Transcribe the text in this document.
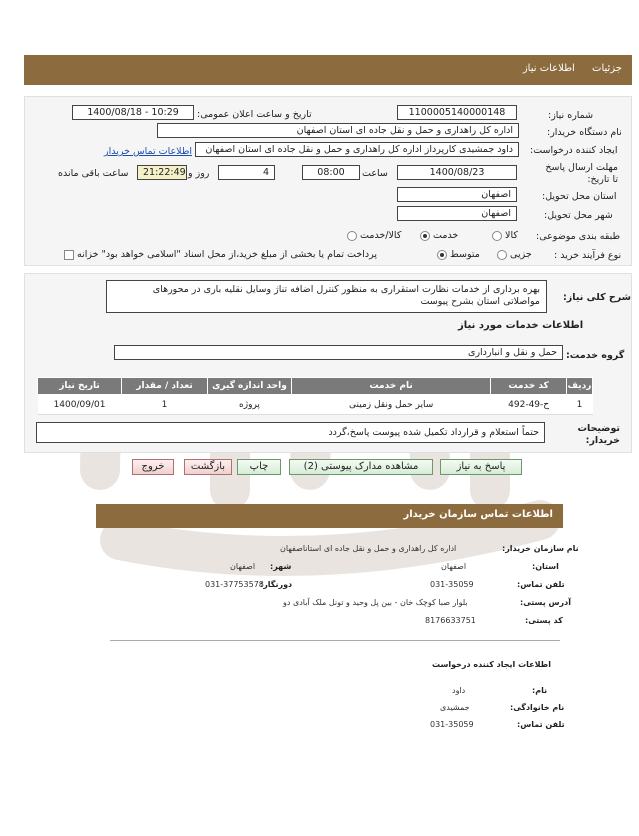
جزئیات اطلاعات نیاز
شماره نیاز:
1100005140000148
تاریخ و ساعت اعلان عمومی:
1400/08/18 - 10:29
نام دستگاه خریدار:
اداره کل راهداری و حمل و نقل جاده ای استان اصفهان
ایجاد کننده درخواست:
داود جمشیدی کارپرداز اداره کل راهداری و حمل و نقل جاده ای استان اصفهان
اطلاعات تماس خریدار
مهلت ارسال پاسخ تا تاریخ:
1400/08/23
ساعت
08:00
4
روز و
21:22:49
ساعت باقی مانده
استان محل تحویل:
اصفهان
شهر محل تحویل:
اصفهان
طبقه بندی موضوعی:
کالا
خدمت
کالا/خدمت
نوع فرآیند خرید :
جزیی
متوسط
پرداخت تمام یا بخشی از مبلغ خرید،از محل اسناد "اسلامی خواهد بود" خزانه
شرح کلی نیاز:
بهره برداری از خدمات نظارت استقراری به منظور کنترل اضافه تناژ وسایل نقلیه باری در محورهای مواصلاتی استان بشرح پیوست
اطلاعات خدمات مورد نیاز
گروه خدمت:
حمل و نقل و انبارداری
ردیف	کد خدمت	نام خدمت	واحد اندازه گیری	تعداد / مقدار	تاریخ نیاز
1	ح-49-492	سایر حمل ونقل زمینی	پروژه	1	1400/09/01
توضیحات خریدار:
حتماً استعلام و قرارداد تکمیل شده پیوست پاسخ،گردد
پاسخ به نیاز
مشاهده مدارک پیوستی (2)
چاپ
بازگشت
خروج
اطلاعات تماس سازمان خریدار
نام سازمان خریدار:
اداره کل راهداری و حمل و نقل جاده ای استاناصفهان
استان:
اصفهان
شهر:
اصفهان
تلفن تماس:
031-35059
دورنگار:
031-37753578
آدرس پستی:
بلوار صبا کوچک خان - بین پل وحید و تونل ملک آبادی دو
کد پستی:
8176633751
اطلاعات ایجاد کننده درخواست
نام:
داود
نام خانوادگی:
جمشیدی
تلفن تماس:
031-35059
